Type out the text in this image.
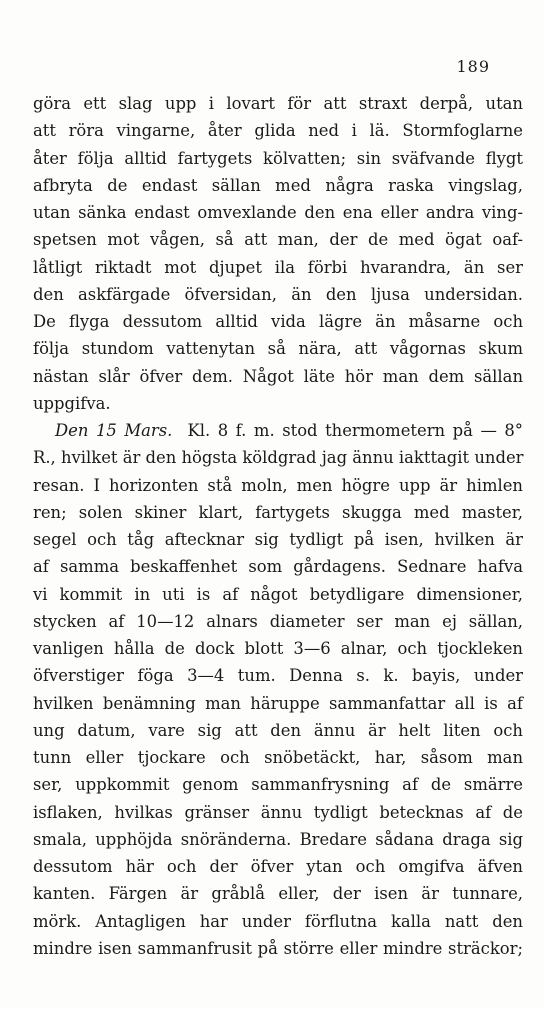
189
göra ett slag upp i lovart för att straxt derpå, utan
att röra vingarne, åter glida ned i lä. Stormfoglarne
åter följa alltid fartygets kölvatten; sin sväfvande flygt
afbryta de endast sällan med några raska vingslag,
utan sänka endast omvexlande den ena eller andra ving-
spetsen mot vågen, så att man, der de med ögat oaf-
låtligt riktadt mot djupet ila förbi hvarandra, än ser
den askfärgade öfversidan, än den ljusa undersidan.
De flyga dessutom alltid vida lägre än måsarne och
följa stundom vattenytan så nära, att vågornas skum
nästan slår öfver dem. Något läte hör man dem sällan
uppgifva.
Den 15 Mars. Kl. 8 f. m. stod thermometern på — 8°
R., hvilket är den högsta köldgrad jag ännu iakttagit under
resan. I horizonten stå moln, men högre upp är himlen
ren; solen skiner klart, fartygets skugga med master,
segel och tåg aftecknar sig tydligt på isen, hvilken är
af samma beskaffenhet som gårdagens. Sednare hafva
vi kommit in uti is af något betydligare dimensioner,
stycken af 10—12 alnars diameter ser man ej sällan,
vanligen hålla de dock blott 3—6 alnar, och tjockleken
öfverstiger föga 3—4 tum. Denna s. k. bayis, under
hvilken benämning man häruppe sammanfattar all is af
ung datum, vare sig att den ännu är helt liten och
tunn eller tjockare och snöbetäckt, har, såsom man
ser, uppkommit genom sammanfrysning af de smärre
isflaken, hvilkas gränser ännu tydligt betecknas af de
smala, upphöjda snöränderna. Bredare sådana draga sig
dessutom här och der öfver ytan och omgifva äfven
kanten. Färgen är gråblå eller, der isen är tunnare,
mörk. Antagligen har under förflutna kalla natt den
mindre isen sammanfrusit på större eller mindre sträckor;
